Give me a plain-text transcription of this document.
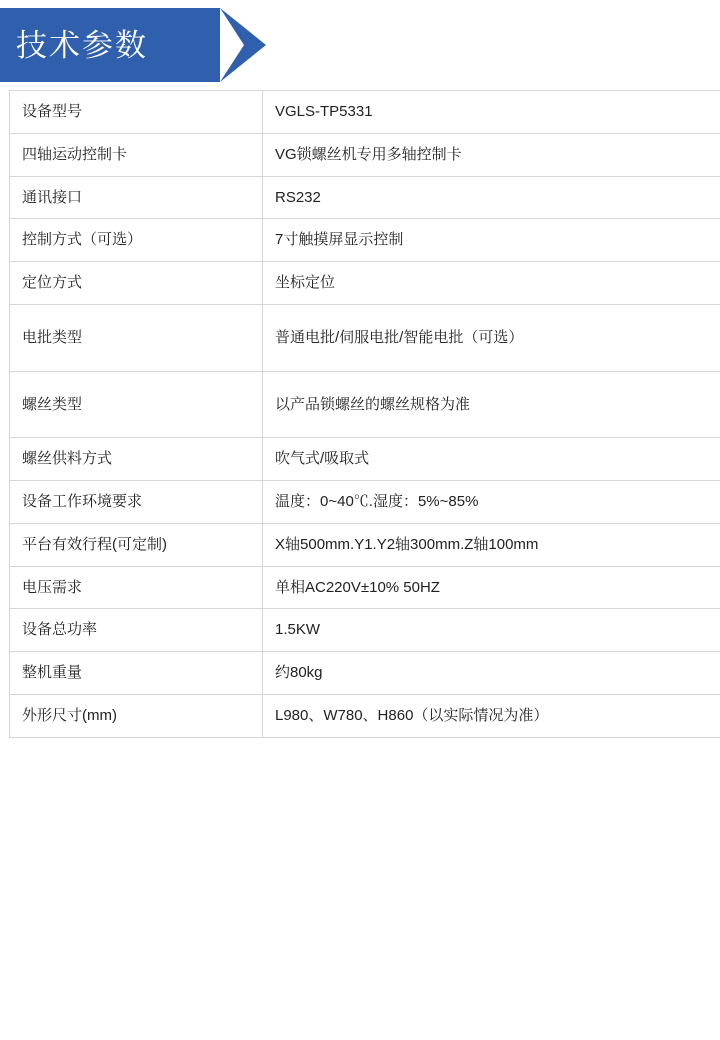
技术参数
设备型号	VGLS-TP5331
四轴运动控制卡	VG锁螺丝机专用多轴控制卡
通讯接口	RS232
控制方式（可选）	7寸触摸屏显示控制
定位方式	坐标定位
电批类型	普通电批/伺服电批/智能电批（可选）
螺丝类型	以产品锁螺丝的螺丝规格为准
螺丝供料方式	吹气式/吸取式
设备工作环境要求	温度：0~40℃.湿度：5%~85%
平台有效行程(可定制)	X轴500mm.Y1.Y2轴300mm.Z轴100mm
电压需求	单相AC220V±10% 50HZ
设备总功率	1.5KW
整机重量	约80kg
外形尺寸(mm)	L980、W780、H860（以实际情况为准）
